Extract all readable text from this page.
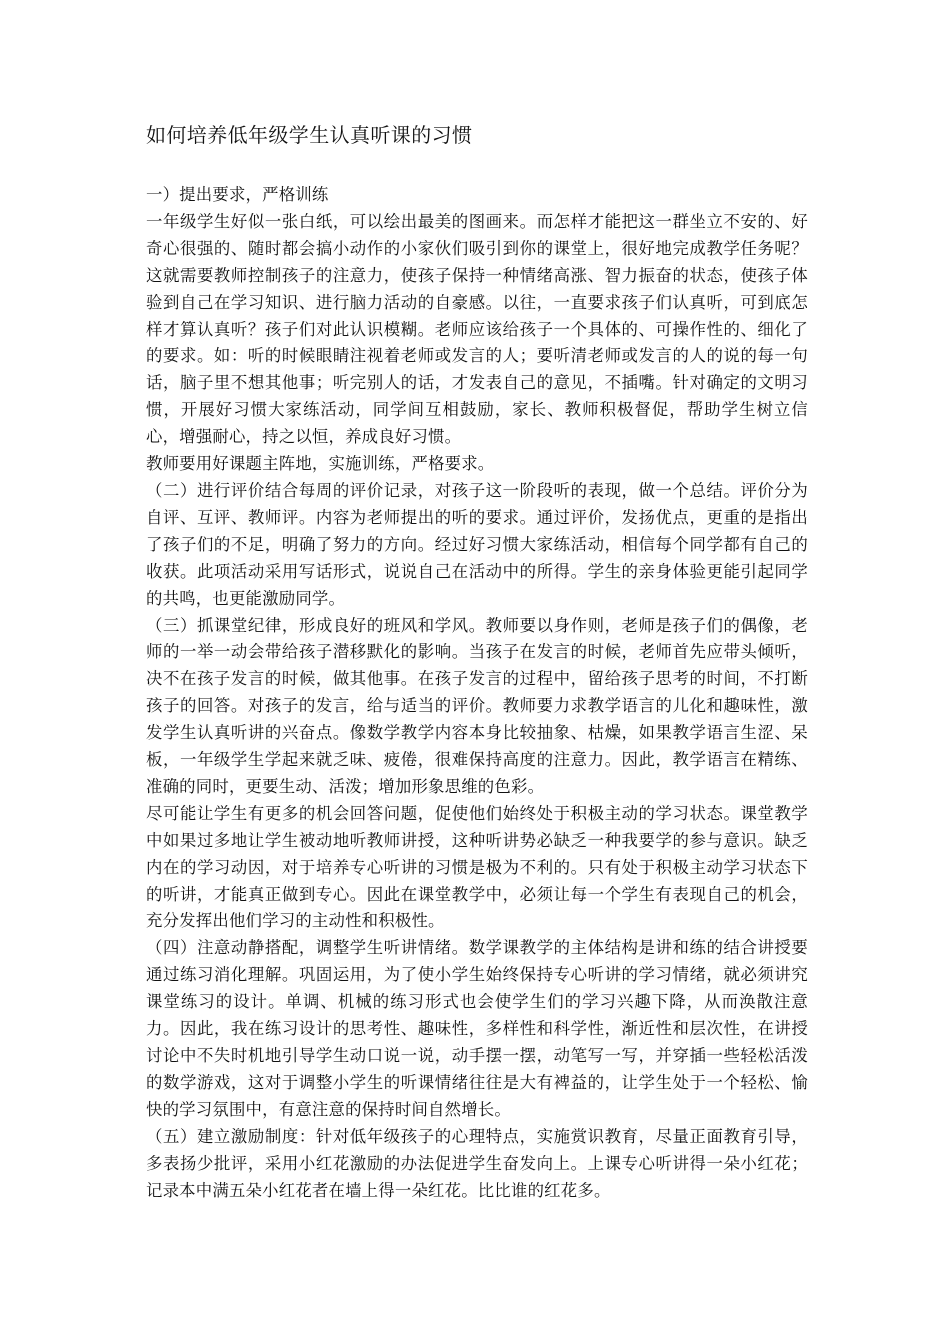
如何培养低年级学生认真听课的习惯

一）提出要求，严格训练

一年级学生好似一张白纸，可以绘出最美的图画来。而怎样才能把这一群坐立不安的、好奇心很强的、随时都会搞小动作的小家伙们吸引到你的课堂上，很好地完成教学任务呢？这就需要教师控制孩子的注意力，使孩子保持一种情绪高涨、智力振奋的状态，使孩子体验到自己在学习知识、进行脑力活动的自豪感。以往，一直要求孩子们认真听，可到底怎样才算认真听？孩子们对此认识模糊。老师应该给孩子一个具体的、可操作性的、细化了的要求。如：听的时候眼睛注视着老师或发言的人；要听清老师或发言的人的说的每一句话，脑子里不想其他事；听完别人的话，才发表自己的意见，不插嘴。针对确定的文明习惯，开展好习惯大家练活动，同学间互相鼓励，家长、教师积极督促，帮助学生树立信心，增强耐心，持之以恒，养成良好习惯。

教师要用好课题主阵地，实施训练，严格要求。

（二）进行评价结合每周的评价记录，对孩子这一阶段听的表现，做一个总结。评价分为自评、互评、教师评。内容为老师提出的听的要求。通过评价，发扬优点，更重的是指出了孩子们的不足，明确了努力的方向。经过好习惯大家练活动，相信每个同学都有自己的收获。此项活动采用写话形式，说说自己在活动中的所得。学生的亲身体验更能引起同学的共鸣，也更能激励同学。

（三）抓课堂纪律，形成良好的班风和学风。教师要以身作则，老师是孩子们的偶像，老师的一举一动会带给孩子潜移默化的影响。当孩子在发言的时候，老师首先应带头倾听，决不在孩子发言的时候，做其他事。在孩子发言的过程中，留给孩子思考的时间，不打断孩子的回答。对孩子的发言，给与适当的评价。教师要力求教学语言的儿化和趣味性，激发学生认真听讲的兴奋点。像数学教学内容本身比较抽象、枯燥，如果教学语言生涩、呆板，一年级学生学起来就乏味、疲倦，很难保持高度的注意力。因此，教学语言在精练、准确的同时，更要生动、活泼；增加形象思维的色彩。

尽可能让学生有更多的机会回答问题，促使他们始终处于积极主动的学习状态。课堂教学中如果过多地让学生被动地听教师讲授，这种听讲势必缺乏一种我要学的参与意识。缺乏内在的学习动因，对于培养专心听讲的习惯是极为不利的。只有处于积极主动学习状态下的听讲，才能真正做到专心。因此在课堂教学中，必须让每一个学生有表现自己的机会，充分发挥出他们学习的主动性和积极性。

（四）注意动静搭配，调整学生听讲情绪。数学课教学的主体结构是讲和练的结合讲授要通过练习消化理解。巩固运用，为了使小学生始终保持专心听讲的学习情绪，就必须讲究课堂练习的设计。单调、机械的练习形式也会使学生们的学习兴趣下降，从而涣散注意力。因此，我在练习设计的思考性、趣味性，多样性和科学性，渐近性和层次性，在讲授讨论中不失时机地引导学生动口说一说，动手摆一摆，动笔写一写，并穿插一些轻松活泼的数学游戏，这对于调整小学生的听课情绪往往是大有裨益的，让学生处于一个轻松、愉快的学习氛围中，有意注意的保持时间自然增长。

（五）建立激励制度：针对低年级孩子的心理特点，实施赏识教育，尽量正面教育引导，多表扬少批评，采用小红花激励的办法促进学生奋发向上。上课专心听讲得一朵小红花；记录本中满五朵小红花者在墙上得一朵红花。比比谁的红花多。
